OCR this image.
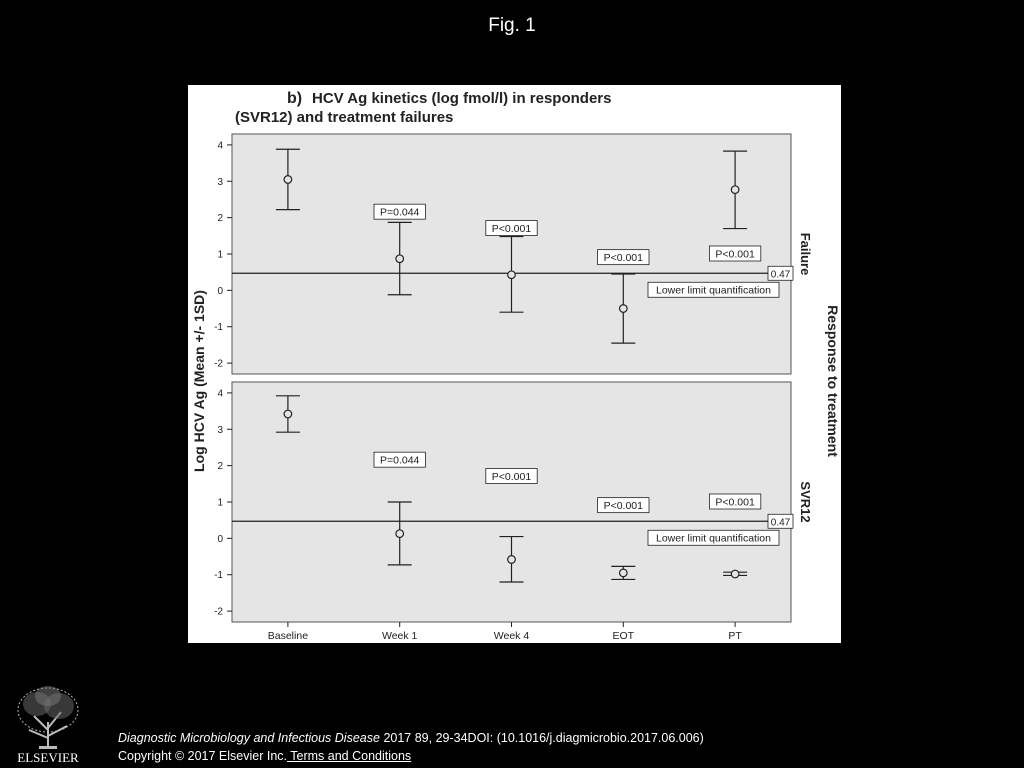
Fig. 1
b) HCV Ag kinetics (log fmol/l) in responders
(SVR12) and treatment failures
Log HCV Ag (Mean +/- 1SD)	Response to treatment
-2
-1
0
1
2
3
4
0.47
Lower limit quantification
P=0.044
P<0.001
P<0.001	P<0.001	Failure
-2
-1
0
1
2
3
4
0.47
Lower limit quantification
P=0.044
P<0.001
P<0.001	P<0.001	SVR12
Baseline	Week 1	Week 4	EOT	PT
ELSEVIER
Diagnostic Microbiology and Infectious Disease 2017 89, 29-34DOI: (10.1016/j.diagmicrobio.2017.06.006)
Copyright © 2017 Elsevier Inc. Terms and Conditions
